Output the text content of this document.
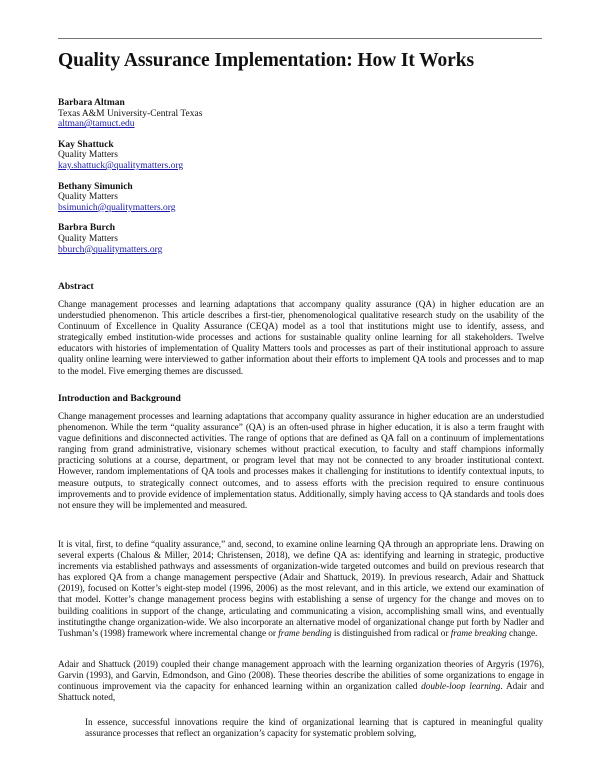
Quality Assurance Implementation: How It Works
Barbara Altman
Texas A&M University-Central Texas
altman@tamuct.edu
Kay Shattuck
Quality Matters
kay.shattuck@qualitymatters.org
Bethany Simunich
Quality Matters
bsimunich@qualitymatters.org
Barbra Burch
Quality Matters
bburch@qualitymatters.org
Abstract

Change management processes and learning adaptations that accompany quality assurance (QA) in higher education are an understudied phenomenon. This article describes a first-tier, phenomenological qualitative research study on the usability of the Continuum of Excellence in Quality Assurance (CEQA) model as a tool that institutions might use to identify, assess, and strategically embed institution-wide processes and actions for sustainable quality online learning for all stakeholders. Twelve educators with histories of implementation of Quality Matters tools and processes as part of their institutional approach to assure quality online learning were interviewed to gather information about their efforts to implement QA tools and processes and to map to the model. Five emerging themes are discussed.

Introduction and Background

Change management processes and learning adaptations that accompany quality assurance in higher education are an understudied phenomenon. While the term “quality assurance” (QA) is an often-used phrase in higher education, it is also a term fraught with vague definitions and disconnected activities. The range of options that are defined as QA fall on a continuum of implementations ranging from grand administrative, visionary schemes without practical execution, to faculty and staff champions informally practicing solutions at a course, department, or program level that may not be connected to any broader institutional context. However, random implementations of QA tools and processes makes it challenging for institutions to identify contextual inputs, to measure outputs, to strategically connect outcomes, and to assess efforts with the precision required to ensure continuous improvements and to provide evidence of implementation status. Additionally, simply having access to QA standards and tools does not ensure they will be implemented and measured.

It is vital, first, to define “quality assurance,” and, second, to examine online learning QA through an appropriate lens. Drawing on several experts (Chalous & Miller, 2014; Christensen, 2018), we define QA as: identifying and learning in strategic, productive increments via established pathways and assessments of organization-wide targeted outcomes and build on previous research that has explored QA from a change management perspective (Adair and Shattuck, 2019). In previous research, Adair and Shattuck (2019), focused on Kotter’s eight-step model (1996, 2006) as the most relevant, and in this article, we extend our examination of that model. Kotter’s change management process begins with establishing a sense of urgency for the change and moves on to building coalitions in support of the change, articulating and communicating a vision, accomplishing small wins, and eventually institutingthe change organization-wide. We also incorporate an alternative model of organizational change put forth by Nadler and Tushman’s (1998) framework where incremental change or frame bending is distinguished from radical or frame breaking change.

Adair and Shattuck (2019) coupled their change management approach with the learning organization theories of Argyris (1976), Garvin (1993), and Garvin, Edmondson, and Gino (2008). These theories describe the abilities of some organizations to engage in continuous improvement via the capacity for enhanced learning within an organization called double-loop learning. Adair and Shattuck noted,

In essence, successful innovations require the kind of organizational learning that is captured in meaningful quality assurance processes that reflect an organization’s capacity for systematic problem solving,
